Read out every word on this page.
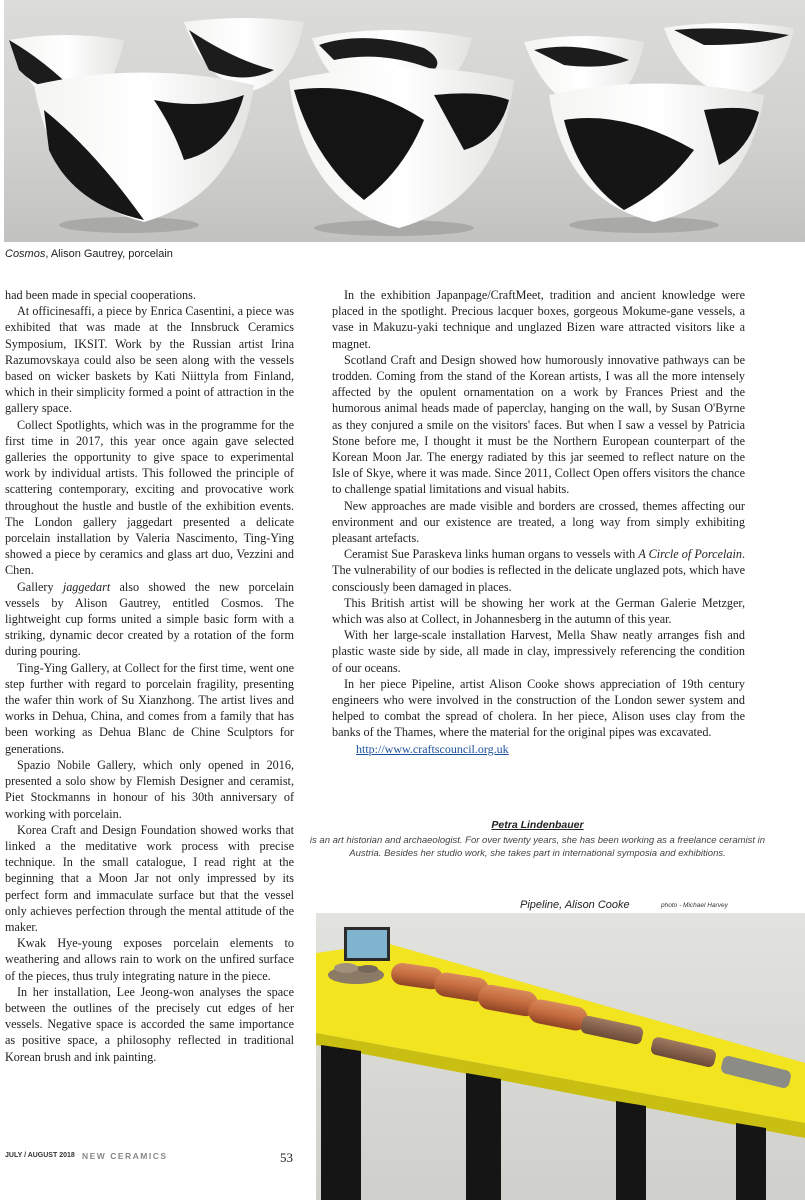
Cosmos, Alison Gautrey, porcelain

had been made in special cooperations.

At officinesaffi, a piece by Enrica Casentini, a piece was exhibited that was made at the Innsbruck Ceramics Symposium, IKSIT. Work by the Russian artist Irina Razumovskaya could also be seen along with the vessels based on wicker baskets by Kati Niittyla from Finland, which in their simplicity formed a point of attraction in the gallery space.

Collect Spotlights, which was in the programme for the first time in 2017, this year once again gave selected galleries the opportunity to give space to experimental work by individual artists. This followed the principle of scattering contemporary, exciting and provocative work throughout the hustle and bustle of the exhibition events. The London gallery jaggedart presented a delicate porcelain installation by Valeria Nascimento, Ting-Ying showed a piece by ceramics and glass art duo, Vezzini and Chen.

Gallery jaggedart also showed the new porcelain vessels by Alison Gautrey, entitled Cosmos. The lightweight cup forms united a simple basic form with a striking, dynamic decor created by a rotation of the form during pouring.

Ting-Ying Gallery, at Collect for the first time, went one step further with regard to porcelain fragility, presenting the wafer thin work of Su Xianzhong. The artist lives and works in Dehua, China, and comes from a family that has been working as Dehua Blanc de Chine Sculptors for generations.

Spazio Nobile Gallery, which only opened in 2016, presented a solo show by Flemish Designer and ceramist, Piet Stockmanns in honour of his 30th anniversary of working with porcelain.

Korea Craft and Design Foundation showed works that linked a the meditative work process with precise technique. In the small catalogue, I read right at the beginning that a Moon Jar not only impressed by its perfect form and immaculate surface but that the vessel only achieves perfection through the mental attitude of the maker.

Kwak Hye-young exposes porcelain elements to weathering and allows rain to work on the unfired surface of the pieces, thus truly integrating nature in the piece.

In her installation, Lee Jeong-won analyses the space between the outlines of the precisely cut edges of her vessels. Negative space is accorded the same importance as positive space, a philosophy reflected in traditional Korean brush and ink painting.

In the exhibition Japanpage/CraftMeet, tradition and ancient knowledge were placed in the spotlight. Precious lacquer boxes, gorgeous Mokume-gane vessels, a vase in Makuzu-yaki technique and unglazed Bizen ware attracted visitors like a magnet.

Scotland Craft and Design showed how humorously innovative pathways can be trodden. Coming from the stand of the Korean artists, I was all the more intensely affected by the opulent ornamentation on a work by Frances Priest and the humorous animal heads made of paperclay, hanging on the wall, by Susan O'Byrne as they conjured a smile on the visitors' faces. But when I saw a vessel by Patricia Stone before me, I thought it must be the Northern European counterpart of the Korean Moon Jar. The energy radiated by this jar seemed to reflect nature on the Isle of Skye, where it was made. Since 2011, Collect Open offers visitors the chance to challenge spatial limitations and visual habits.

New approaches are made visible and borders are crossed, themes affecting our environment and our existence are treated, a long way from simply exhibiting pleasant artefacts.

Ceramist Sue Paraskeva links human organs to vessels with A Circle of Porcelain. The vulnerability of our bodies is reflected in the delicate unglazed pots, which have consciously been damaged in places.

This British artist will be showing her work at the German Galerie Metzger, which was also at Collect, in Johannesberg in the autumn of this year.

With her large-scale installation Harvest, Mella Shaw neatly arranges fish and plastic waste side by side, all made in clay, impressively referencing the condition of our oceans.

In her piece Pipeline, artist Alison Cooke shows appreciation of 19th century engineers who were involved in the construction of the London sewer system and helped to combat the spread of cholera. In her piece, Alison uses clay from the banks of the Thames, where the material for the original pipes was excavated.

http://www.craftscouncil.org.uk

Petra Lindenbauer
is an art historian and archaeologist. For over twenty years, she has been working as a freelance ceramist in Austria. Besides her studio work, she takes part in international symposia and exhibitions.
Pipeline, Alison Cooke	photo - Michael Harvey
JULY / AUGUST 2018 NEW CERAMICS	53
